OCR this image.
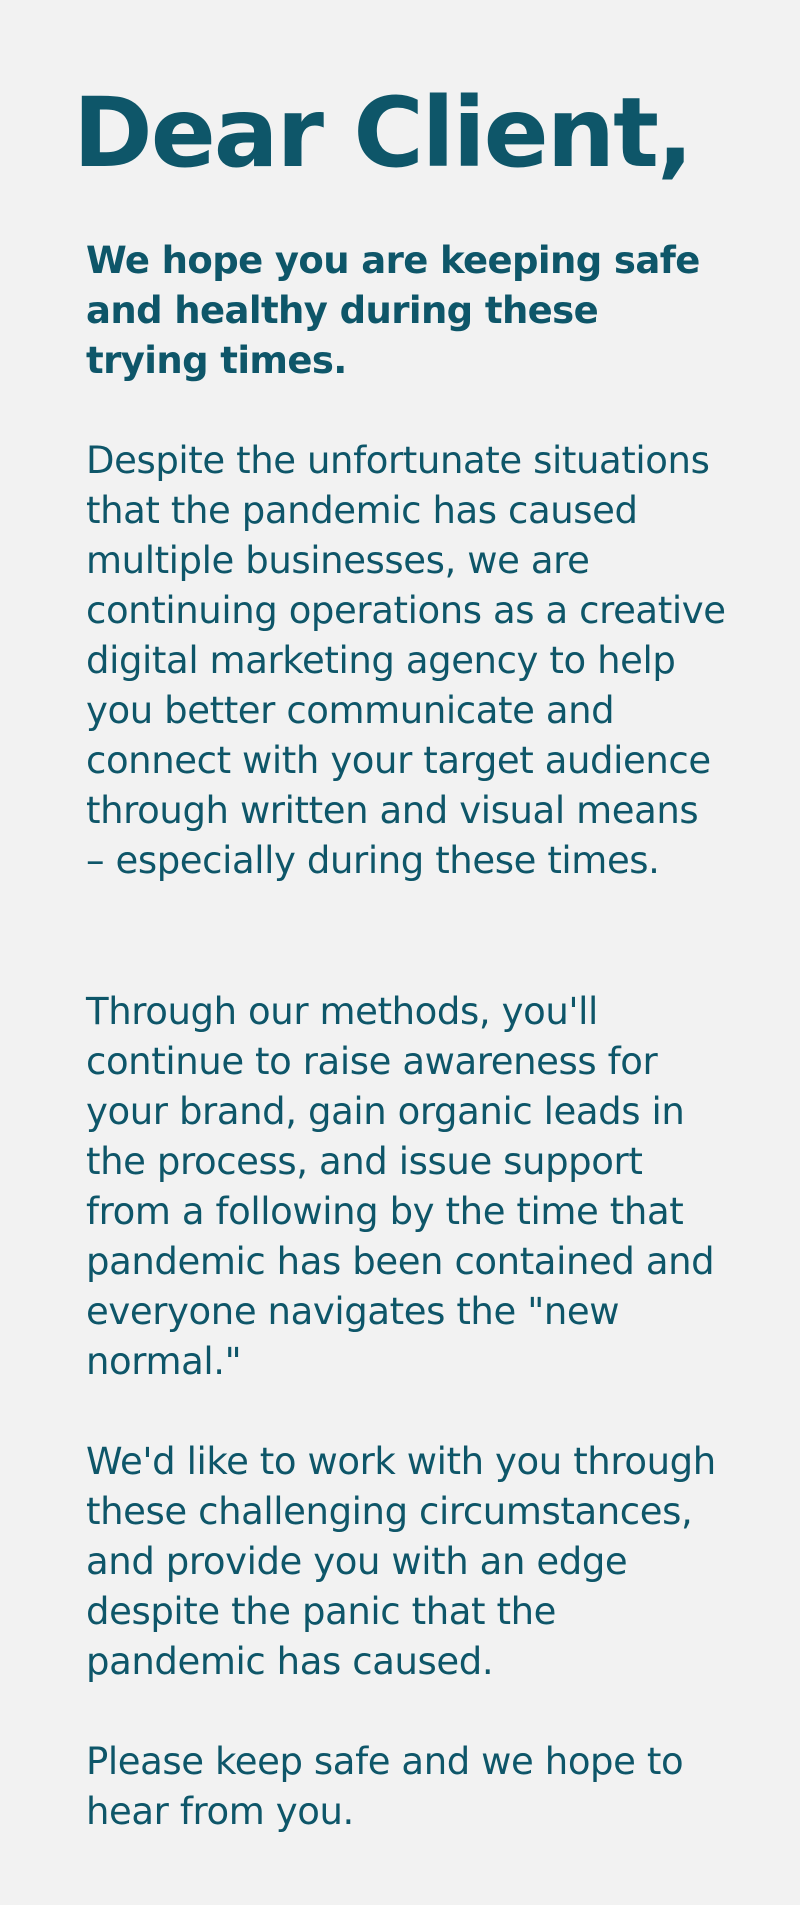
Dear Client,

We hope you are keeping safe and healthy during these trying times.

Despite the unfortunate situations that the pandemic has caused multiple businesses, we are continuing operations as a creative digital marketing agency to help you better communicate and connect with your target audience through written and visual means – especially during these times.

Through our methods, you'll continue to raise awareness for your brand, gain organic leads in the process, and issue support from a following by the time that pandemic has been contained and everyone navigates the "new normal."

We'd like to work with you through these challenging circumstances, and provide you with an edge despite the panic that the pandemic has caused.

Please keep safe and we hope to hear from you.
